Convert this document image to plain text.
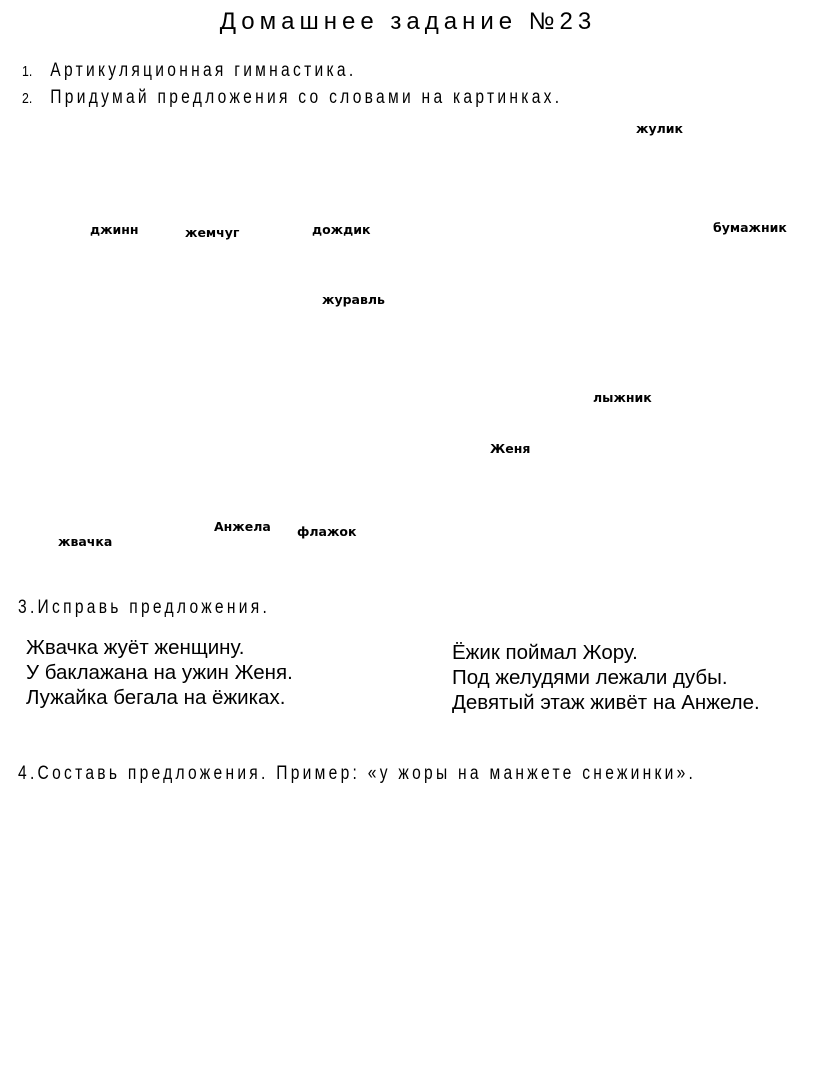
Домашнее задание №23
1. Артикуляционная гимнастика.
2. Придумай предложения со словами на картинках.
жулик
джинн	жемчуг	дождик	бумажник
журавль
лыжник
Женя
Анжела флажок
жвачка
3.Исправь предложения.
Жвачка жуёт женщину.
У баклажана на ужин Женя.
Лужайка бегала на ёжиках.
Ёжик поймал Жору.
Под желудями лежали дубы.
Девятый этаж живёт на Анжеле.
4.Составь предложения. Пример: «у жоры на манжете снежинки».
